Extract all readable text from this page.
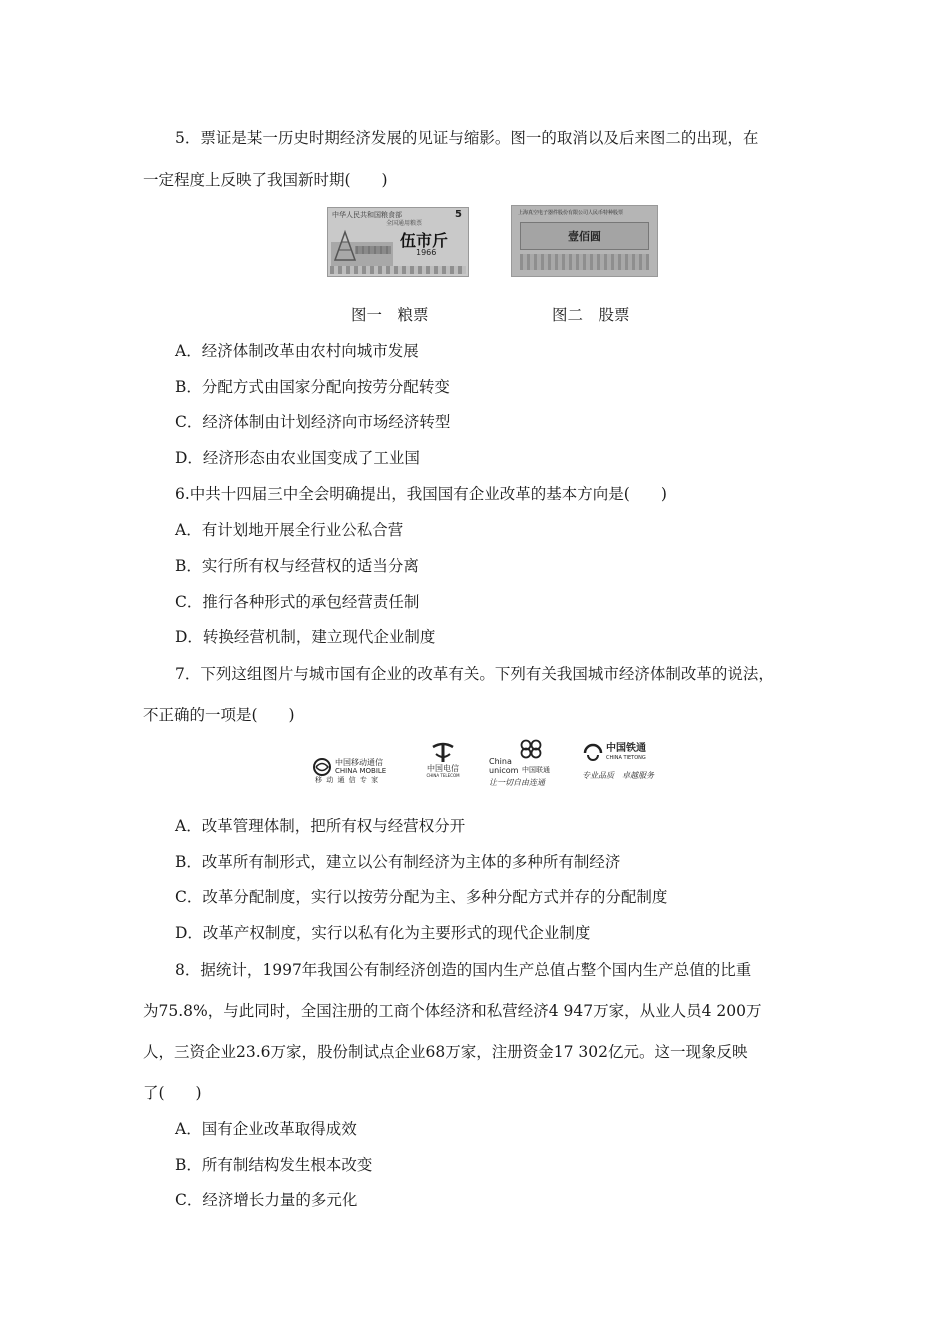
5．票证是某一历史时期经济发展的见证与缩影。图一的取消以及后来图二的出现，在
一定程度上反映了我国新时期(　　)
中华人民共和国粮食部	5
全国通用粮票
伍市斤
1966
上海真空电子器件股份有限公司人民币特种股票
壹佰圆
图一　粮票	图二　股票
A．经济体制改革由农村向城市发展
B．分配方式由国家分配向按劳分配转变
C．经济体制由计划经济向市场经济转型
D．经济形态由农业国变成了工业国
6.中共十四届三中全会明确提出，我国国有企业改革的基本方向是(　　)
A．有计划地开展全行业公私合营
B．实行所有权与经营权的适当分离
C．推行各种形式的承包经营责任制
D．转换经营机制，建立现代企业制度
7．下列这组图片与城市国有企业的改革有关。下列有关我国城市经济体制改革的说法，
不正确的一项是(　　)
中国移动通信
CHINA MOBILE
移 动 通 信 专 家
中国电信
CHINA TELECOM
China
unicom 中国联通
让一切自由连通
中国铁通
CHINA TIETONG
专业品质　卓越服务
A．改革管理体制，把所有权与经营权分开
B．改革所有制形式，建立以公有制经济为主体的多种所有制经济
C．改革分配制度，实行以按劳分配为主、多种分配方式并存的分配制度
D．改革产权制度，实行以私有化为主要形式的现代企业制度
8．据统计，1997年我国公有制经济创造的国内生产总值占整个国内生产总值的比重
为75.8%，与此同时，全国注册的工商个体经济和私营经济4 947万家，从业人员4 200万
人，三资企业23.6万家，股份制试点企业68万家，注册资金17 302亿元。这一现象反映
了(　　)
A．国有企业改革取得成效
B．所有制结构发生根本改变
C．经济增长力量的多元化
